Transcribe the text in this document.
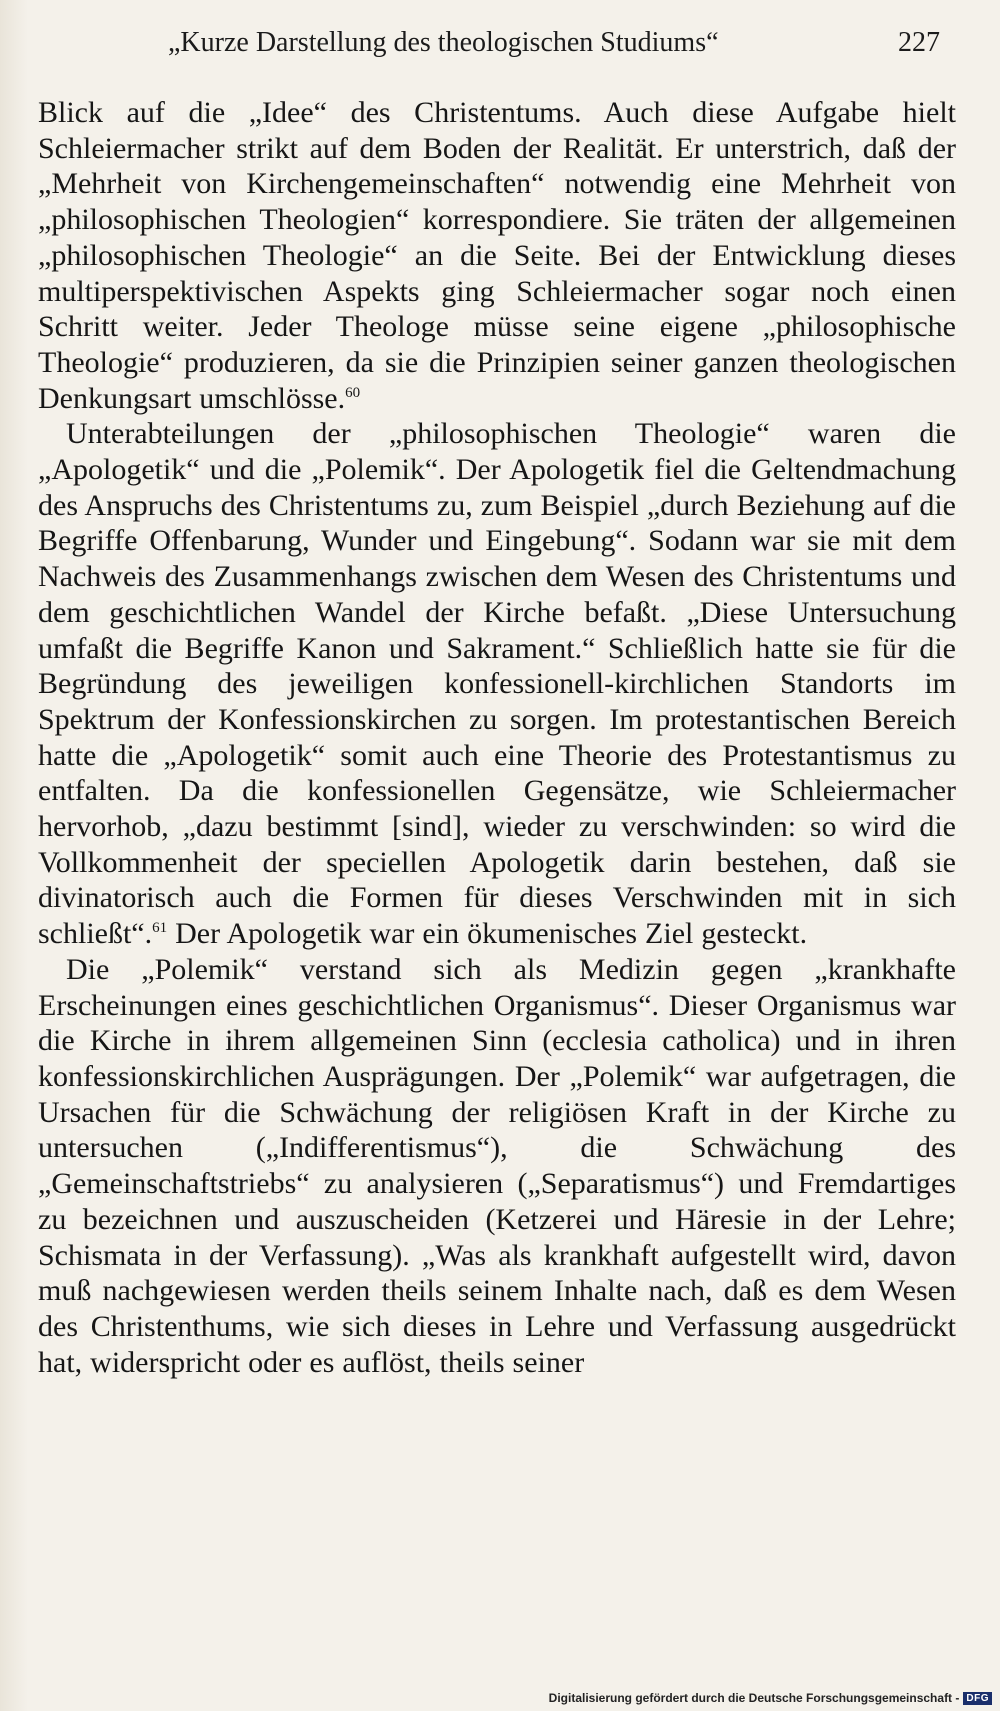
„Kurze Darstellung des theologischen Studiums“	227

Blick auf die „Idee“ des Christentums. Auch diese Aufgabe hielt Schleiermacher strikt auf dem Boden der Realität. Er unterstrich, daß der „Mehrheit von Kirchengemeinschaften“ notwendig eine Mehrheit von „philosophischen Theologien“ korrespondiere. Sie träten der allgemeinen „philosophischen Theologie“ an die Seite. Bei der Entwicklung dieses multiperspektivischen Aspekts ging Schleiermacher sogar noch einen Schritt weiter. Jeder Theologe müsse seine eigene „philosophische Theologie“ produzieren, da sie die Prinzipien seiner ganzen theologischen Denkungsart umschlösse.$^{60}$

Unterabteilungen der „philosophischen Theologie“ waren die „Apologetik“ und die „Polemik“. Der Apologetik fiel die Geltendmachung des Anspruchs des Christentums zu, zum Beispiel „durch Beziehung auf die Begriffe Offenbarung, Wunder und Eingebung“. Sodann war sie mit dem Nachweis des Zusammenhangs zwischen dem Wesen des Christentums und dem geschichtlichen Wandel der Kirche befaßt. „Diese Untersuchung umfaßt die Begriffe Kanon und Sakrament.“ Schließlich hatte sie für die Begründung des jeweiligen konfessionell-kirchlichen Standorts im Spektrum der Konfessionskirchen zu sorgen. Im protestantischen Bereich hatte die „Apologetik“ somit auch eine Theorie des Protestantismus zu entfalten. Da die konfessionellen Gegensätze, wie Schleiermacher hervorhob, „dazu bestimmt [sind], wieder zu verschwinden: so wird die Vollkommenheit der speciellen Apologetik darin bestehen, daß sie divinatorisch auch die Formen für dieses Verschwinden mit in sich schließt“.$^{61}$ Der Apologetik war ein ökumenisches Ziel gesteckt.

Die „Polemik“ verstand sich als Medizin gegen „krankhafte Erscheinungen eines geschichtlichen Organismus“. Dieser Organismus war die Kirche in ihrem allgemeinen Sinn (ecclesia catholica) und in ihren konfessionskirchlichen Ausprägungen. Der „Polemik“ war aufgetragen, die Ursachen für die Schwächung der religiösen Kraft in der Kirche zu untersuchen („Indifferentismus“), die Schwächung des „Gemeinschaftstriebs“ zu analysieren („Separatismus“) und Fremdartiges zu bezeichnen und auszuscheiden (Ketzerei und Häresie in der Lehre; Schismata in der Verfassung). „Was als krankhaft aufgestellt wird, davon muß nachgewiesen werden theils seinem Inhalte nach, daß es dem Wesen des Christenthums, wie sich dieses in Lehre und Verfassung ausgedrückt hat, widerspricht oder es auflöst, theils seiner

Digitalisierung gefördert durch die Deutsche Forschungsgemeinschaft - DFG
